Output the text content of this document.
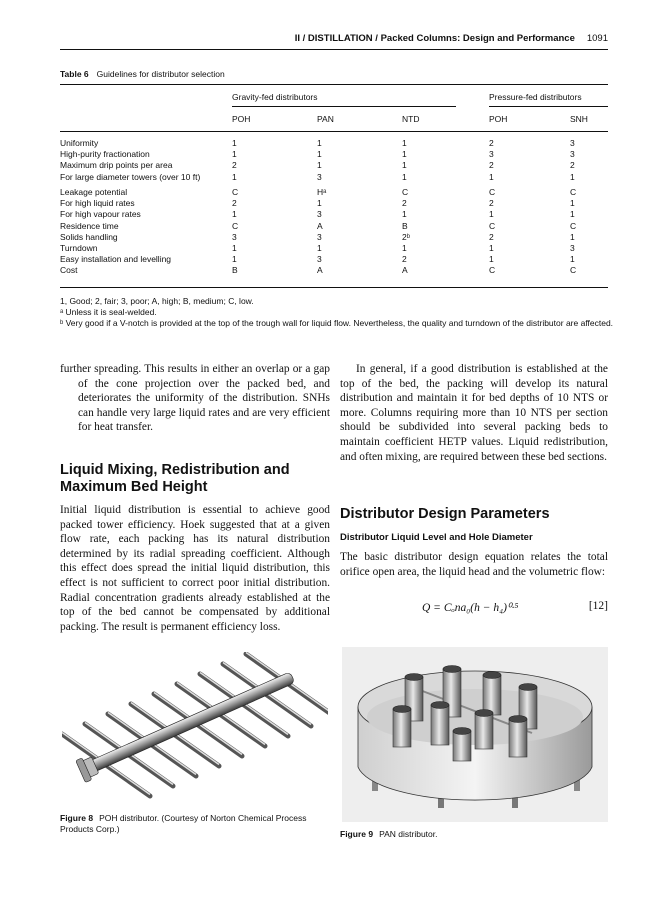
II / DISTILLATION / Packed Columns: Design and Performance 1091
Table 6 Guidelines for distributor selection
Gravity-fed distributors	Pressure-fed distributors
POH	PAN	NTD	POH	SNH
Uniformity	1	1	1	2	3
High-purity fractionation	1	1	1	3	3
Maximum drip points per area	2	1	1	2	2
For large diameter towers (over 10 ft)	1	3	1	1	1
Leakage potential	C	Hᵃ	C	C	C
For high liquid rates	2	1	2	2	1
For high vapour rates	1	3	1	1	1
Residence time	C	A	B	C	C
Solids handling	3	3	2ᵇ	2	1
Turndown	1	1	1	1	3
Easy installation and levelling	1	3	2	1	1
Cost	B	A	A	C	C
1, Good; 2, fair; 3, poor; A, high; B, medium; C, low.
ᵃ Unless it is seal-welded.
ᵇ Very good if a V-notch is provided at the top of the trough wall for liquid flow. Nevertheless, the quality and turndown of the distributor are affected.
further spreading. This results in either an overlap or a gap of the cone projection over the packed bed, and deteriorates the uniformity of the distribution. SNHs can handle very large liquid rates and are very efficient for heat transfer.
Liquid Mixing, Redistribution and Maximum Bed Height
Initial liquid distribution is essential to achieve good packed tower efficiency. Hoek suggested that at a given flow rate, each packing has its natural distribution determined by its radial spreading coefficient. Although this effect does spread the initial liquid distribution, this effect is not sufficient to correct poor initial distribution. Radial concentration gradients already established at the top of the bed cannot be compensated by additional packing. The result is permanent efficiency loss.
In general, if a good distribution is established at the top of the bed, the packing will develop its natural distribution and maintain it for bed depths of 10 NTS or more. Columns requiring more than 10 NTS per section should be subdivided into several packing beds to maintain coefficient HETP values. Liquid redistribution, and often mixing, are required between these bed sections.
Distributor Design Parameters
Distributor Liquid Level and Hole Diameter
The basic distributor design equation relates the total orifice open area, the liquid head and the volumetric flow:
Q = Cₒna₀(h − h₄)⁰·⁵	[12]
Figure 8 POH distributor. (Courtesy of Norton Chemical Process Products Corp.)	Figure 9 PAN distributor.
